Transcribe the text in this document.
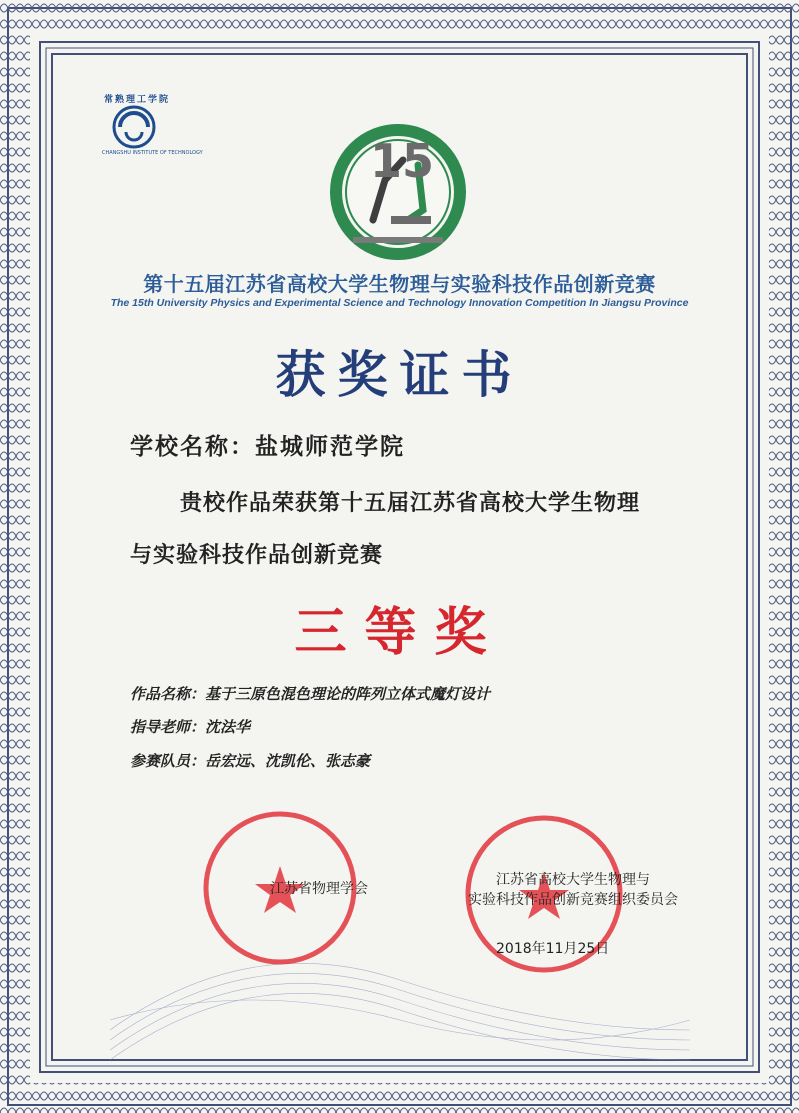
常熟理工学院
CHANGSHU INSTITUTE OF TECHNOLOGY	15
第十五届江苏省高校大学生物理与实验科技作品创新竞赛
The 15th University Physics and Experimental Science and Technology Innovation Competition In Jiangsu Province
获奖证书
学校名称：盐城师范学院
贵校作品荣获第十五届江苏省高校大学生物理
与实验科技作品创新竞赛
三等奖
作品名称：基于三原色混色理论的阵列立体式魔灯设计
指导老师：沈法华
参赛队员：岳宏远、沈凯伦、张志豪
江苏省物理学会
江苏省高校大学生物理与
实验科技作品创新竞赛组织委员会
2018年11月25日
